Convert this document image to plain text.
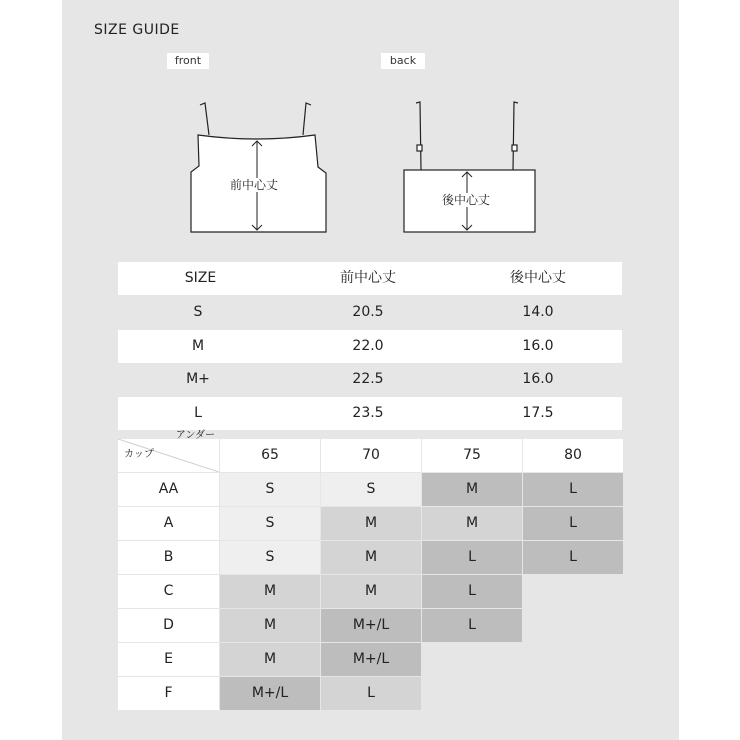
SIZE GUIDE
front	back
前中心丈
後中心丈
SIZE	前中心丈	後中心丈
S	20.5	14.0
M	22.0	16.0
M+	22.5	16.0
L	23.5	17.5
アンダー
カップ	65	70	75	80
AA	S	S	M	L
A	S	M	M	L
B	S	M	L	L
C	M	M	L
D	M	M+/L	L
E	M	M+/L
F	M+/L	L
